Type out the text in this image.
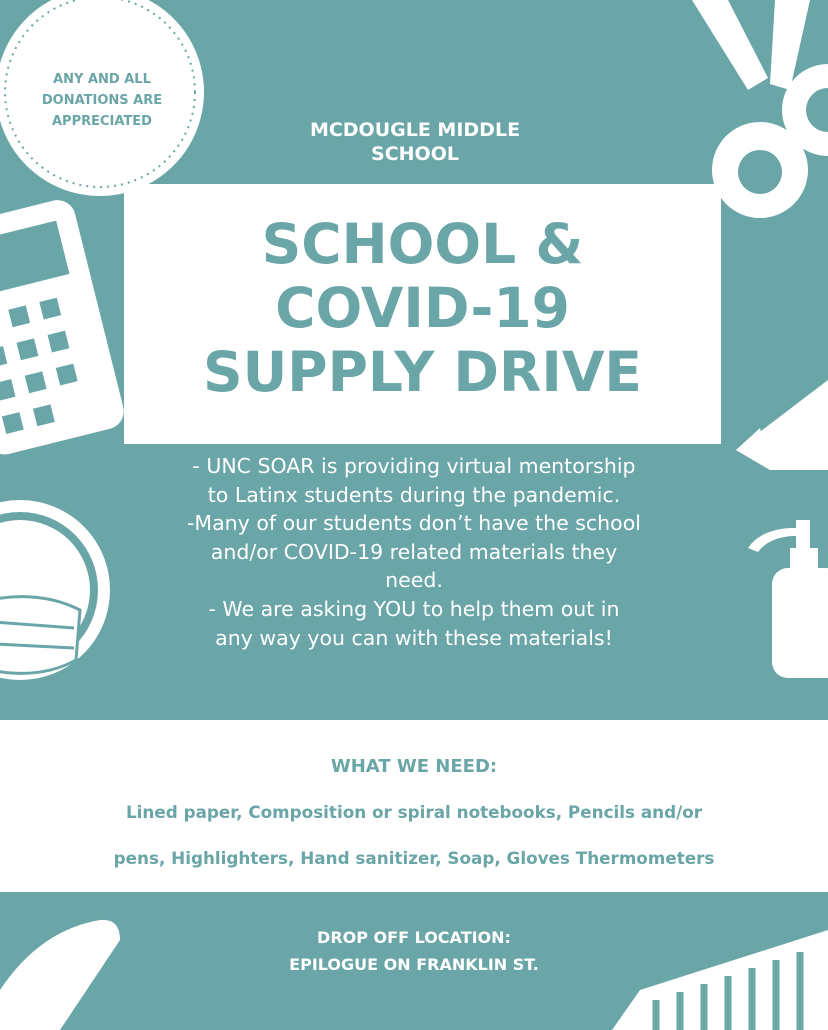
ANY AND ALL
DONATIONS ARE
APPRECIATED	MCDOUGLE MIDDLE
SCHOOL
SCHOOL &
COVID-19
SUPPLY DRIVE
- UNC SOAR is providing virtual mentorship
to Latinx students during the pandemic.
-Many of our students don’t have the school
and/or COVID-19 related materials they
need.
- We are asking YOU to help them out in
any way you can with these materials!
WHAT WE NEED:
Lined paper, Composition or spiral notebooks, Pencils and/or
pens, Highlighters, Hand sanitizer, Soap, Gloves Thermometers
DROP OFF LOCATION:
EPILOGUE ON FRANKLIN ST.
